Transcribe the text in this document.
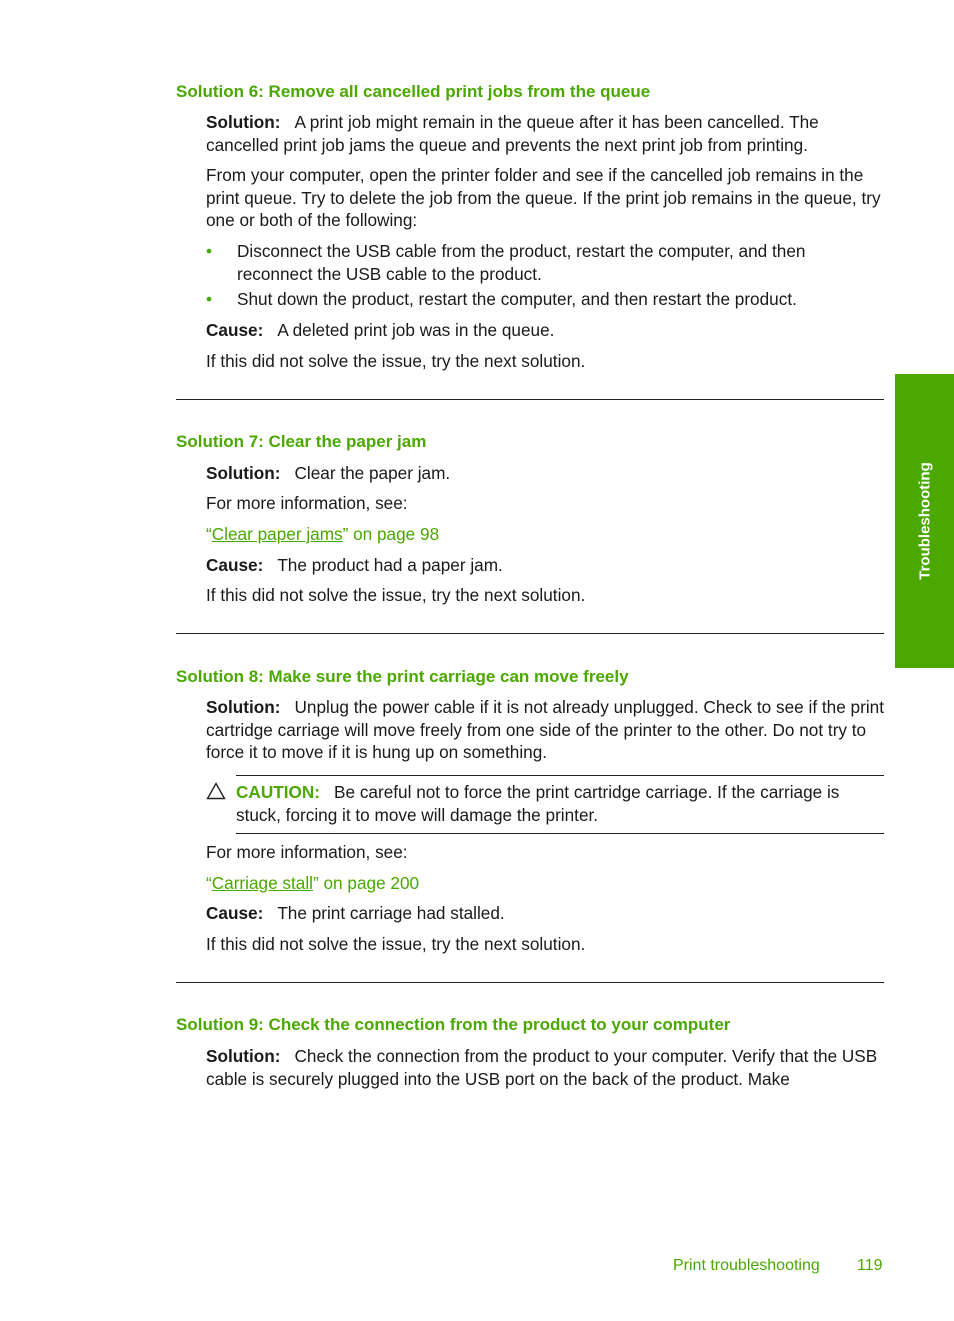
Solution 6: Remove all cancelled print jobs from the queue

Solution: A print job might remain in the queue after it has been cancelled. The cancelled print job jams the queue and prevents the next print job from printing.

From your computer, open the printer folder and see if the cancelled job remains in the print queue. Try to delete the job from the queue. If the print job remains in the queue, try one or both of the following:

• Disconnect the USB cable from the product, restart the computer, and then reconnect the USB cable to the product.

• Shut down the product, restart the computer, and then restart the product.

Cause: A deleted print job was in the queue.

If this did not solve the issue, try the next solution.

Solution 7: Clear the paper jam

Solution: Clear the paper jam.

For more information, see:

“Clear paper jams” on page 98

Cause: The product had a paper jam.

If this did not solve the issue, try the next solution.

Solution 8: Make sure the print carriage can move freely

Solution: Unplug the power cable if it is not already unplugged. Check to see if the print cartridge carriage will move freely from one side of the printer to the other. Do not try to force it to move if it is hung up on something.

CAUTION: Be careful not to force the print cartridge carriage. If the carriage is stuck, forcing it to move will damage the printer.

For more information, see:

“Carriage stall” on page 200

Cause: The print carriage had stalled.

If this did not solve the issue, try the next solution.

Solution 9: Check the connection from the product to your computer

Solution: Check the connection from the product to your computer. Verify that the USB cable is securely plugged into the USB port on the back of the product. Make

Troubleshooting
Print troubleshooting 119
